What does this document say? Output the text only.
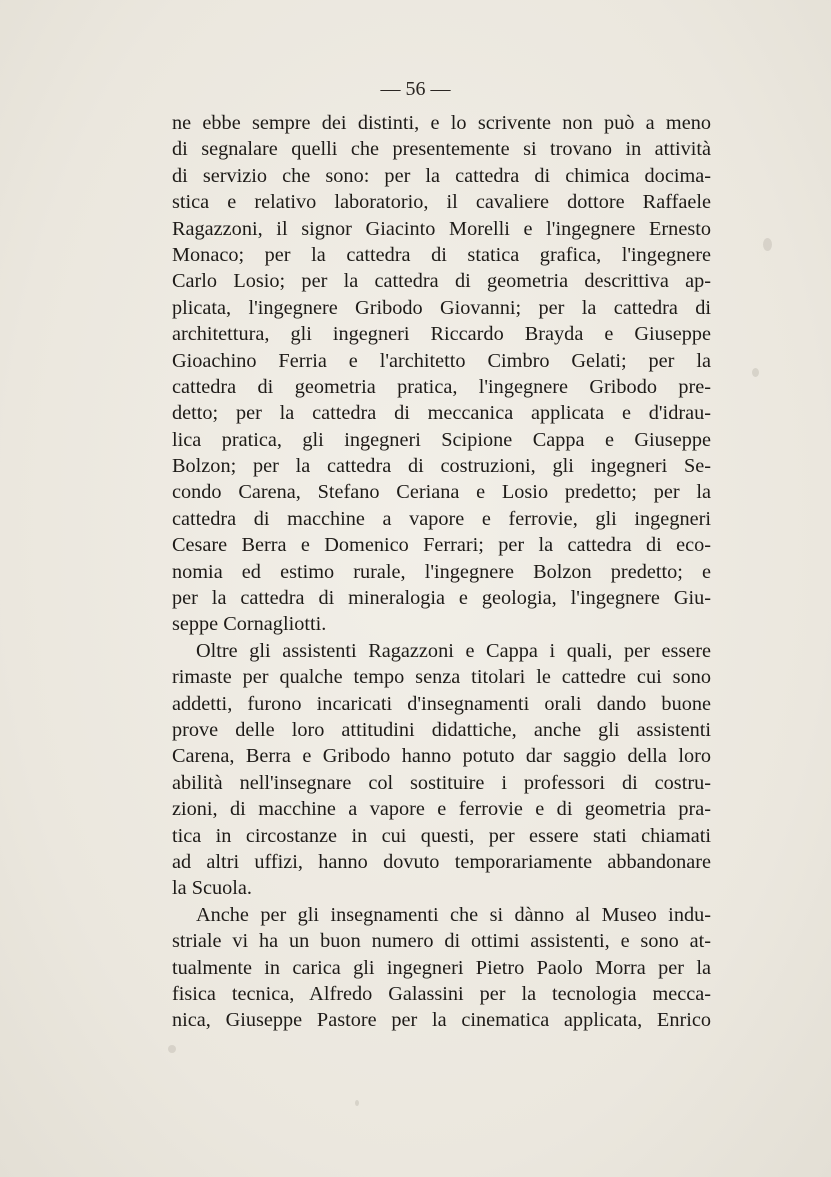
— 56 —

ne ebbe sempre dei distinti, e lo scrivente non può a meno
di segnalare quelli che presentemente si trovano in attività
di servizio che sono: per la cattedra di chimica docima-
stica e relativo laboratorio, il cavaliere dottore Raffaele
Ragazzoni, il signor Giacinto Morelli e l'ingegnere Ernesto
Monaco; per la cattedra di statica grafica, l'ingegnere
Carlo Losio; per la cattedra di geometria descrittiva ap-
plicata, l'ingegnere Gribodo Giovanni; per la cattedra di
architettura, gli ingegneri Riccardo Brayda e Giuseppe
Gioachino Ferria e l'architetto Cimbro Gelati; per la
cattedra di geometria pratica, l'ingegnere Gribodo pre-
detto; per la cattedra di meccanica applicata e d'idrau-
lica pratica, gli ingegneri Scipione Cappa e Giuseppe
Bolzon; per la cattedra di costruzioni, gli ingegneri Se-
condo Carena, Stefano Ceriana e Losio predetto; per la
cattedra di macchine a vapore e ferrovie, gli ingegneri
Cesare Berra e Domenico Ferrari; per la cattedra di eco-
nomia ed estimo rurale, l'ingegnere Bolzon predetto; e
per la cattedra di mineralogia e geologia, l'ingegnere Giu-
seppe Cornagliotti.

Oltre gli assistenti Ragazzoni e Cappa i quali, per essere
rimaste per qualche tempo senza titolari le cattedre cui sono
addetti, furono incaricati d'insegnamenti orali dando buone
prove delle loro attitudini didattiche, anche gli assistenti
Carena, Berra e Gribodo hanno potuto dar saggio della loro
abilità nell'insegnare col sostituire i professori di costru-
zioni, di macchine a vapore e ferrovie e di geometria pra-
tica in circostanze in cui questi, per essere stati chiamati
ad altri uffizi, hanno dovuto temporariamente abbandonare
la Scuola.

Anche per gli insegnamenti che si dànno al Museo indu-
striale vi ha un buon numero di ottimi assistenti, e sono at-
tualmente in carica gli ingegneri Pietro Paolo Morra per la
fisica tecnica, Alfredo Galassini per la tecnologia mecca-
nica, Giuseppe Pastore per la cinematica applicata, Enrico
